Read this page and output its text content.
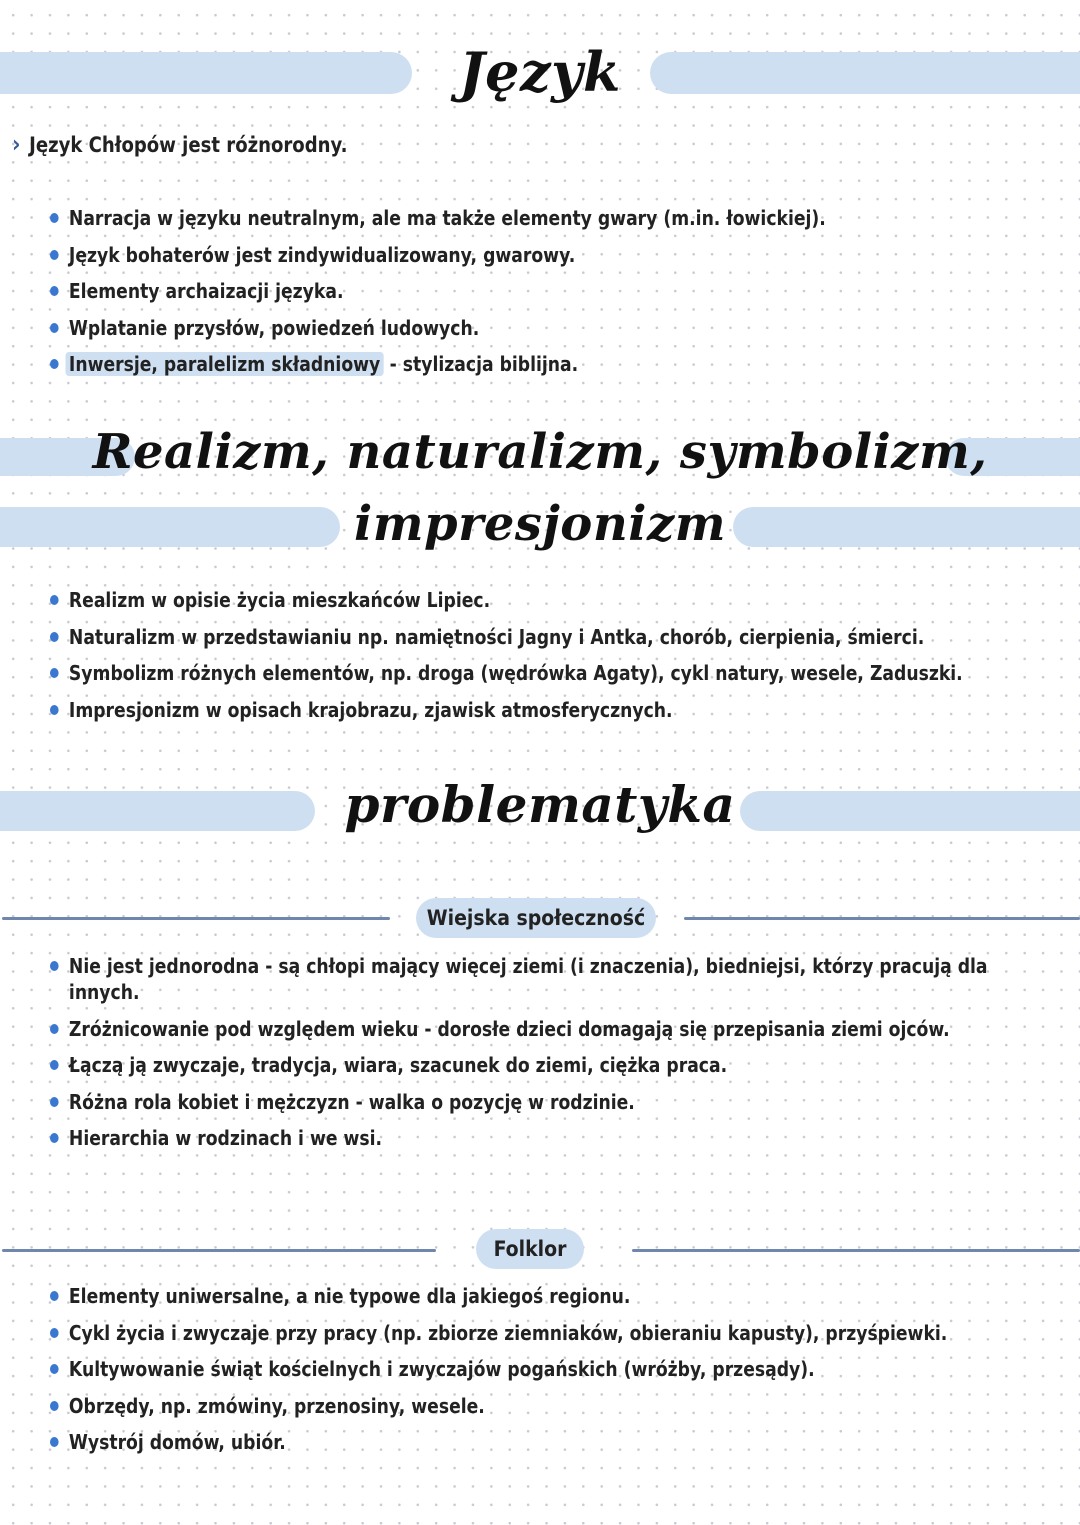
Język
› Język Chłopów jest różnorodny.
Narracja w języku neutralnym, ale ma także elementy gwary (m.in. łowickiej).
Język bohaterów jest zindywidualizowany, gwarowy.
Elementy archaizacji języka.
Wplatanie przysłów, powiedzeń ludowych.
Inwersje, paralelizm składniowy - stylizacja biblijna.
Realizm, naturalizm, symbolizm,
impresjonizm
Realizm w opisie życia mieszkańców Lipiec.
Naturalizm w przedstawianiu np. namiętności Jagny i Antka, chorób, cierpienia, śmierci.
Symbolizm różnych elementów, np. droga (wędrówka Agaty), cykl natury, wesele, Zaduszki.
Impresjonizm w opisach krajobrazu, zjawisk atmosferycznych.
problematyka
Wiejska społeczność
Nie jest jednorodna - są chłopi mający więcej ziemi (i znaczenia), biedniejsi, którzy pracują dla innych.
Zróżnicowanie pod względem wieku - dorosłe dzieci domagają się przepisania ziemi ojców.
Łączą ją zwyczaje, tradycja, wiara, szacunek do ziemi, ciężka praca.
Różna rola kobiet i mężczyzn - walka o pozycję w rodzinie.
Hierarchia w rodzinach i we wsi.
Folklor
Elementy uniwersalne, a nie typowe dla jakiegoś regionu.
Cykl życia i zwyczaje przy pracy (np. zbiorze ziemniaków, obieraniu kapusty), przyśpiewki.
Kultywowanie świąt kościelnych i zwyczajów pogańskich (wróżby, przesądy).
Obrzędy, np. zmówiny, przenosiny, wesele.
Wystrój domów, ubiór.
